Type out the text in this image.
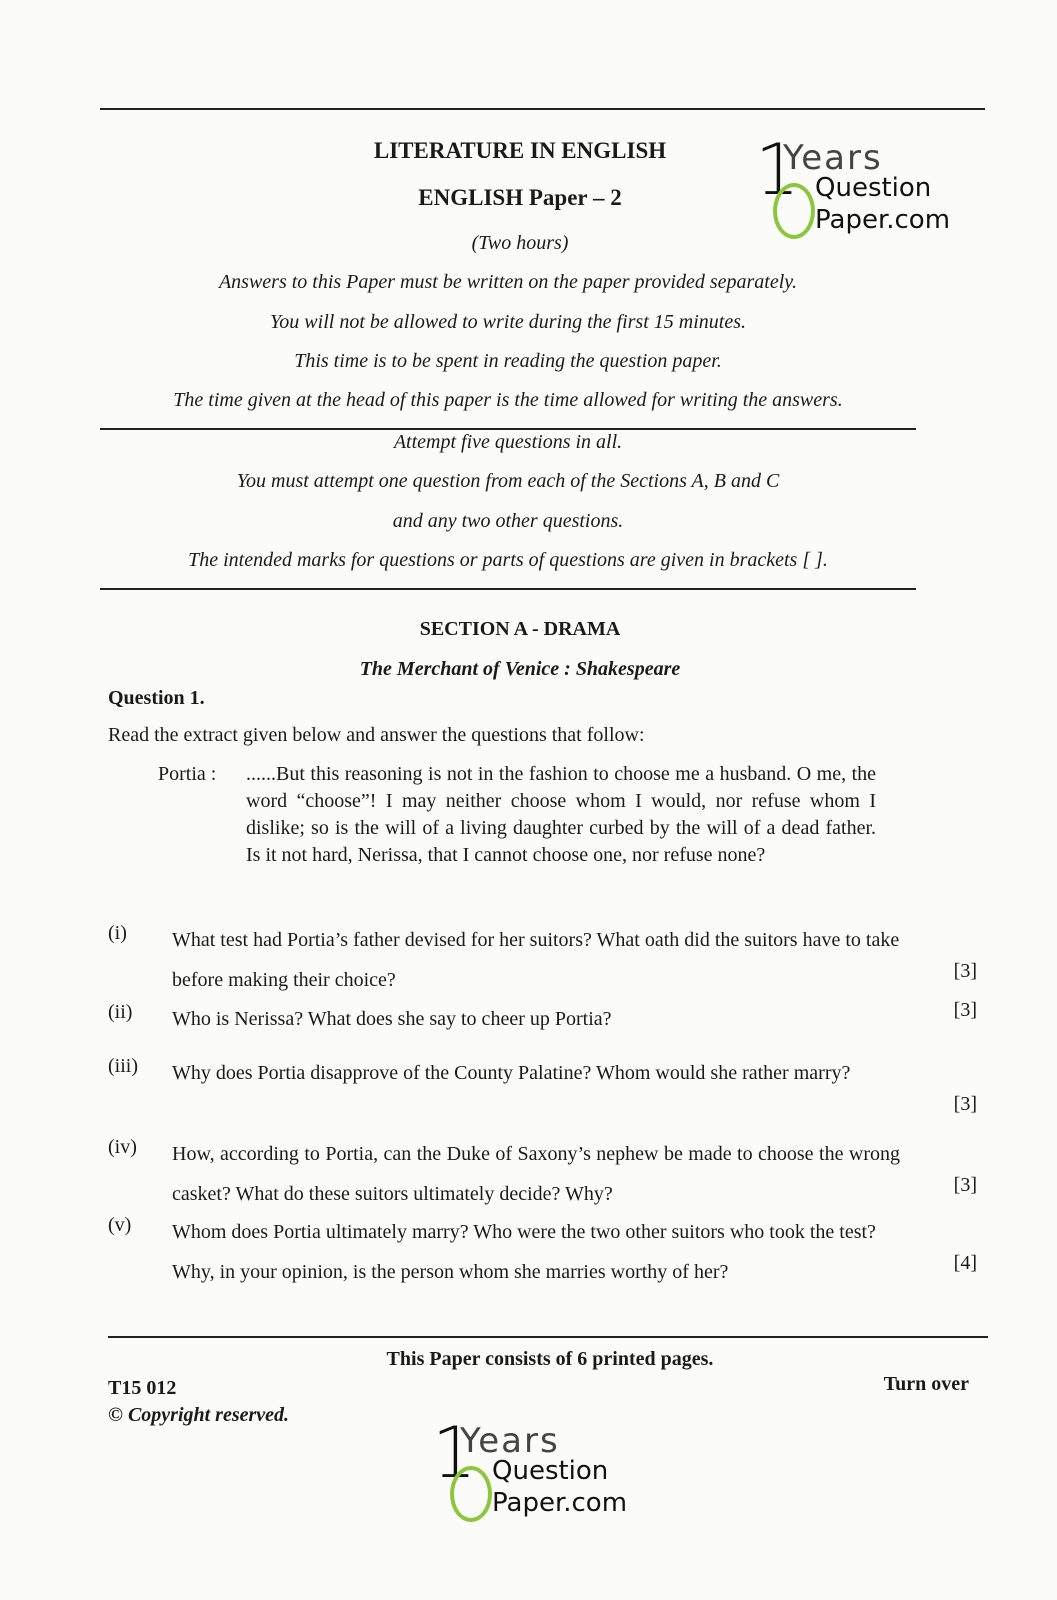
LITERATURE IN ENGLISH
ENGLISH Paper – 2
(Two hours)
1
Years
Question
Paper.com
Answers to this Paper must be written on the paper provided separately.
You will not be allowed to write during the first 15 minutes.
This time is to be spent in reading the question paper.
The time given at the head of this paper is the time allowed for writing the answers.
Attempt five questions in all.
You must attempt one question from each of the Sections A, B and C
and any two other questions.
The intended marks for questions or parts of questions are given in brackets [ ].
SECTION A - DRAMA
The Merchant of Venice : Shakespeare
Question 1.
Read the extract given below and answer the questions that follow:
Portia : ......But this reasoning is not in the fashion to choose me a husband. O me, the word “choose”! I may neither choose whom I would, nor refuse whom I dislike; so is the will of a living daughter curbed by the will of a dead father. Is it not hard, Nerissa, that I cannot choose one, nor refuse none?
(i) What test had Portia’s father devised for her suitors? What oath did the suitors have to take before making their choice?	[3]
(ii) Who is Nerissa? What does she say to cheer up Portia?	[3]
(iii) Why does Portia disapprove of the County Palatine? Whom would she rather marry?
[3]
(iv) How, according to Portia, can the Duke of Saxony’s nephew be made to choose the wrong casket? What do these suitors ultimately decide? Why?	[3]
(v) Whom does Portia ultimately marry? Who were the two other suitors who took the test? Why, in your opinion, is the person whom she marries worthy of her?	[4]
This Paper consists of 6 printed pages.
T15 012	Turn over
© Copyright reserved. 1
Years
Question
Paper.com
